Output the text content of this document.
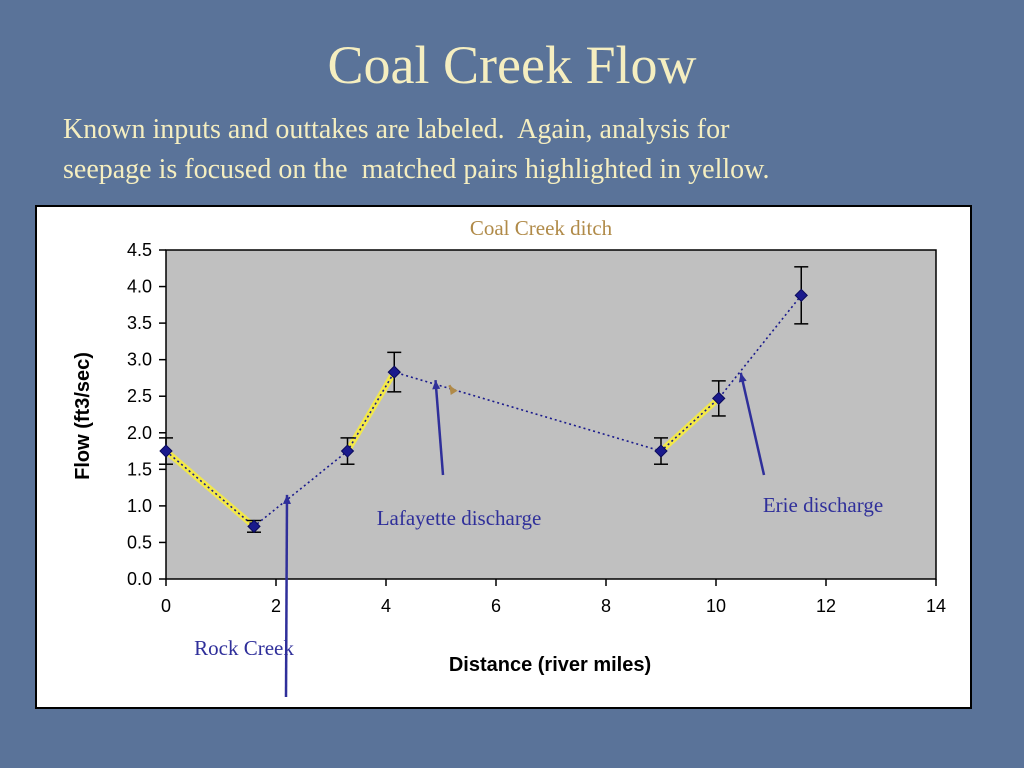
Coal Creek Flow
Known inputs and outtakes are labeled.  Again, analysis for
seepage is focused on the  matched pairs highlighted in yellow.
0	2	4	6	8	10	12	14
0.0
0.5
1.0
1.5
2.0
2.5
3.0
3.5
4.0
4.5
Distance (river miles)
Flow (ft3/sec)
Coal Creek ditch
Lafayette discharge
Rock Creek
Erie discharge
